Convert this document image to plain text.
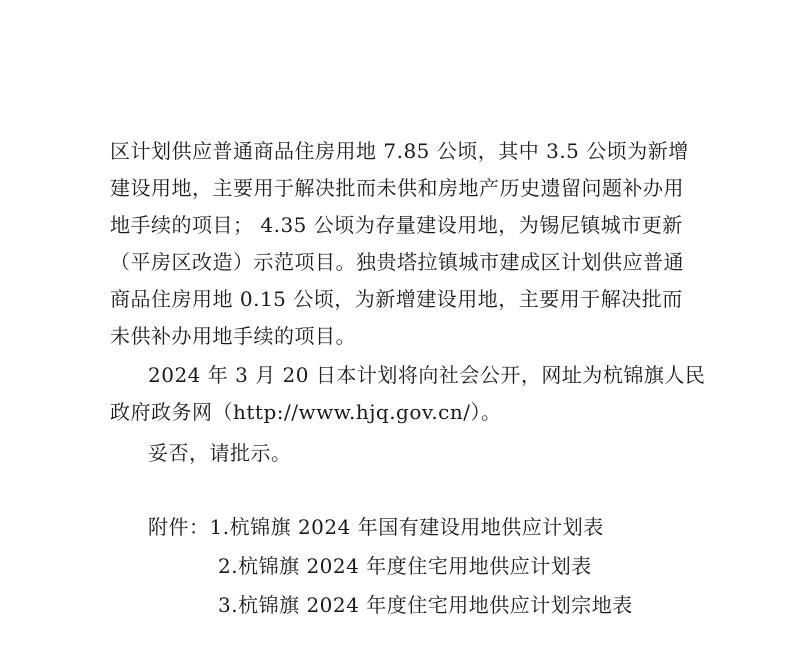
区计划供应普通商品住房用地 7.85 公顷，其中 3.5 公顷为新增
建设用地，主要用于解决批而未供和房地产历史遗留问题补办用
地手续的项目； 4.35 公顷为存量建设用地，为锡尼镇城市更新
（平房区改造）示范项目。独贵塔拉镇城市建成区计划供应普通
商品住房用地 0.15 公顷，为新增建设用地，主要用于解决批而
未供补办用地手续的项目。
2024 年 3 月 20 日本计划将向社会公开，网址为杭锦旗人民
政府政务网（http://www.hjq.gov.cn/）。
妥否，请批示。
附件：1.杭锦旗 2024 年国有建设用地供应计划表
2.杭锦旗 2024 年度住宅用地供应计划表
3.杭锦旗 2024 年度住宅用地供应计划宗地表
